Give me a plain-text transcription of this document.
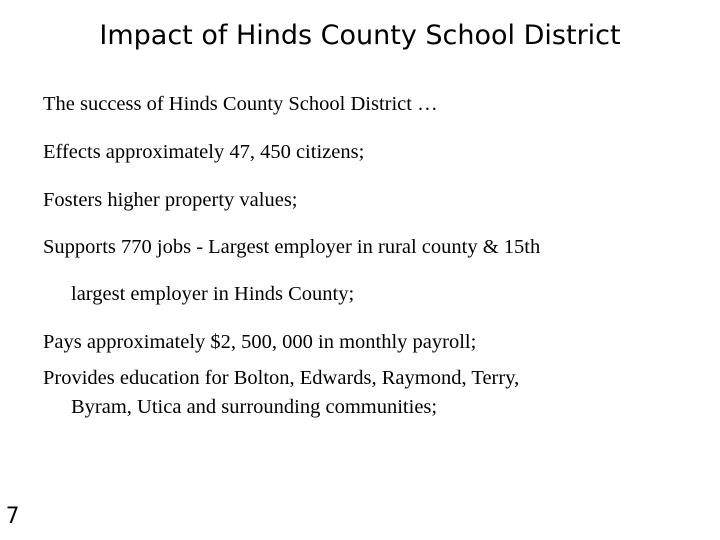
Impact of Hinds County School District

The success of Hinds County School District …

Effects approximately 47, 450 citizens;

Fosters higher property values;

Supports 770 jobs - Largest employer in rural county & 15th

largest employer in Hinds County;

Pays approximately $2, 500, 000 in monthly payroll;

Provides education for Bolton, Edwards, Raymond, Terry,

Byram, Utica and surrounding communities;

7
